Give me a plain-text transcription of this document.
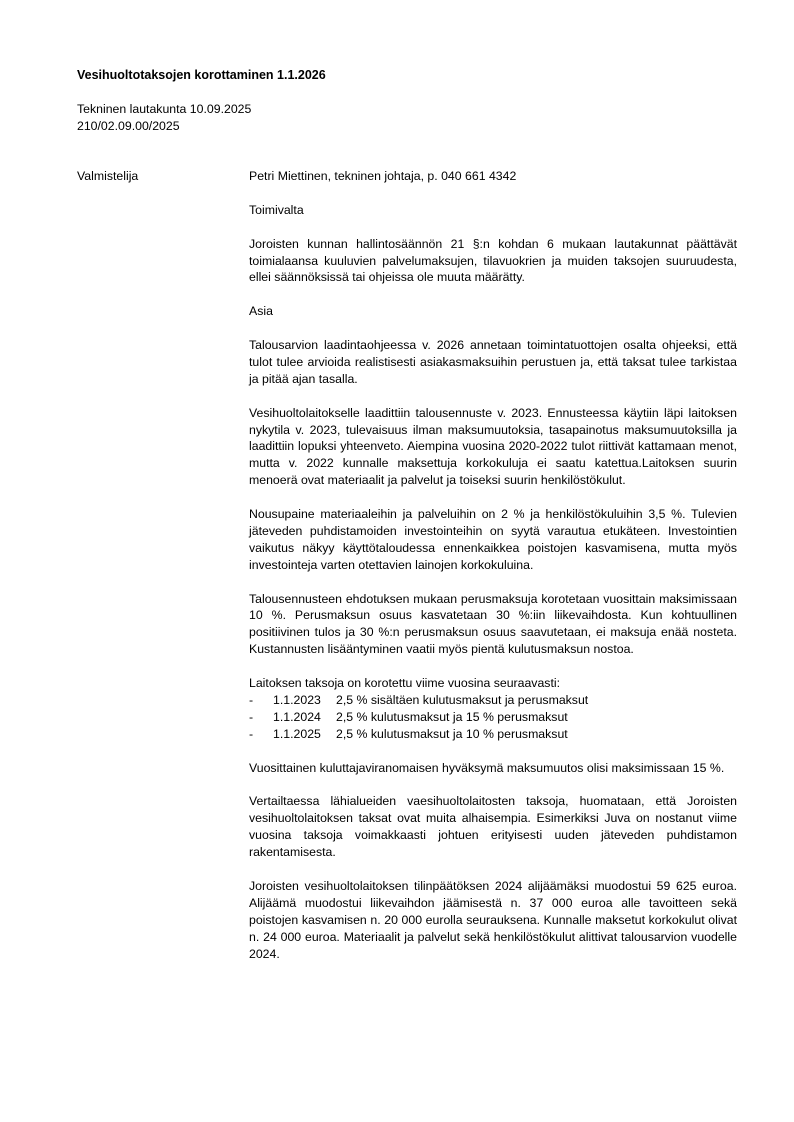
Vesihuoltotaksojen korottaminen 1.1.2026
Tekninen lautakunta 10.09.2025
210/02.09.00/2025
Valmistelija	Petri Miettinen, tekninen johtaja, p. 040 661 4342

Toimivalta

Joroisten kunnan hallintosäännön 21 §:n kohdan 6 mukaan lautakunnat päättävät toimialaansa kuuluvien palvelumaksujen, tilavuokrien ja muiden taksojen suuruudesta, ellei säännöksissä tai ohjeissa ole muuta määrätty.

Asia

Talousarvion laadintaohjeessa v. 2026 annetaan toimintatuottojen osalta ohjeeksi, että tulot tulee arvioida realistisesti asiakasmaksuihin perustuen ja, että taksat tulee tarkistaa ja pitää ajan tasalla.

Vesihuoltolaitokselle laadittiin talousennuste v. 2023. Ennusteessa käytiin läpi laitoksen nykytila v. 2023, tulevaisuus ilman maksumuutoksia, tasapainotus maksumuutoksilla ja laadittiin lopuksi yhteenveto. Aiempina vuosina 2020-2022 tulot riittivät kattamaan menot, mutta v. 2022 kunnalle maksettuja korkokuluja ei saatu katettua.Laitoksen suurin menoerä ovat materiaalit ja palvelut ja toiseksi suurin henkilöstökulut.

Nousupaine materiaaleihin ja palveluihin on 2 % ja henkilöstökuluihin 3,5 %. Tulevien jäteveden puhdistamoiden investointeihin on syytä varautua etukäteen. Investointien vaikutus näkyy käyttötaloudessa ennenkaikkea poistojen kasvamisena, mutta myös investointeja varten otettavien lainojen korkokuluina.

Talousennusteen ehdotuksen mukaan perusmaksuja korotetaan vuosittain maksimissaan 10 %. Perusmaksun osuus kasvatetaan 30 %:iin liikevaihdosta. Kun kohtuullinen positiivinen tulos ja 30 %:n perusmaksun osuus saavutetaan, ei maksuja enää nosteta. Kustannusten lisääntyminen vaatii myös pientä kulutusmaksun nostoa.

Laitoksen taksoja on korotettu viime vuosina seuraavasti:

-	1.1.2023	2,5 % sisältäen kulutusmaksut ja perusmaksut
-	1.1.2024	2,5 % kulutusmaksut ja 15 % perusmaksut
-	1.1.2025	2,5 % kulutusmaksut ja 10 % perusmaksut

Vuosittainen kuluttajaviranomaisen hyväksymä maksumuutos olisi maksimissaan 15 %.

Vertailtaessa lähialueiden vaesihuoltolaitosten taksoja, huomataan, että Joroisten vesihuoltolaitoksen taksat ovat muita alhaisempia. Esimerkiksi Juva on nostanut viime vuosina taksoja voimakkaasti johtuen erityisesti uuden jäteveden puhdistamon rakentamisesta.

Joroisten vesihuoltolaitoksen tilinpäätöksen 2024 alijäämäksi muodostui 59 625 euroa. Alijäämä muodostui liikevaihdon jäämisestä n. 37 000 euroa alle tavoitteen sekä poistojen kasvamisen n. 20 000 eurolla seurauksena. Kunnalle maksetut korkokulut olivat n. 24 000 euroa. Materiaalit ja palvelut sekä henkilöstökulut alittivat talousarvion vuodelle 2024.
